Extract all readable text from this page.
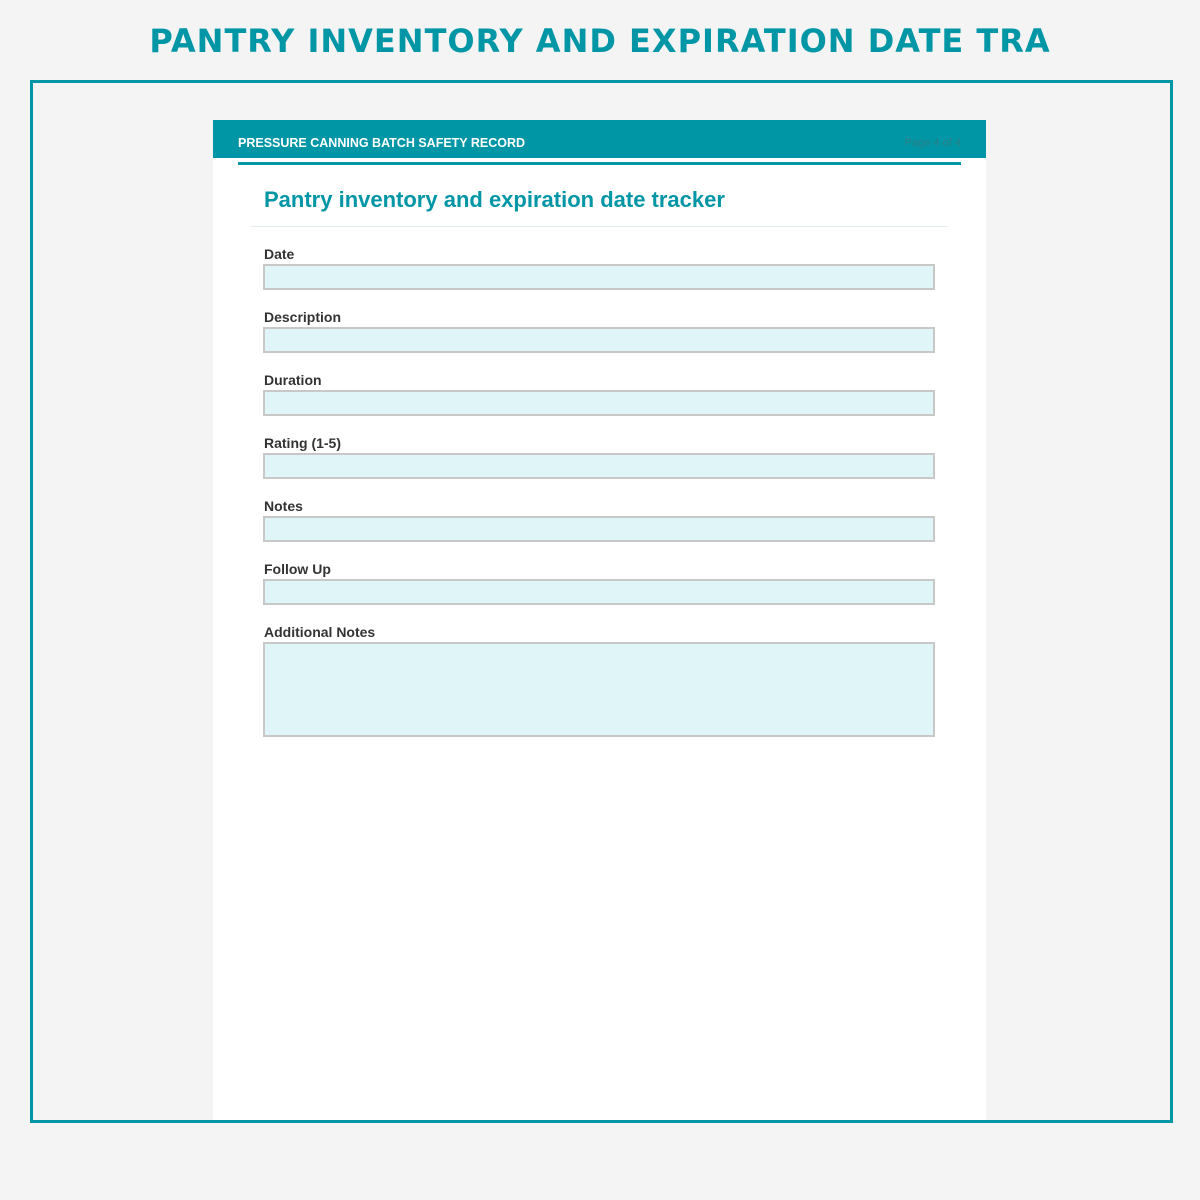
PANTRY INVENTORY AND EXPIRATION DATE TRA
PRESSURE CANNING BATCH SAFETY RECORD	Page 4 of 4
Pantry inventory and expiration date tracker
Date
Description
Duration
Rating (1-5)
Notes
Follow Up
Additional Notes
